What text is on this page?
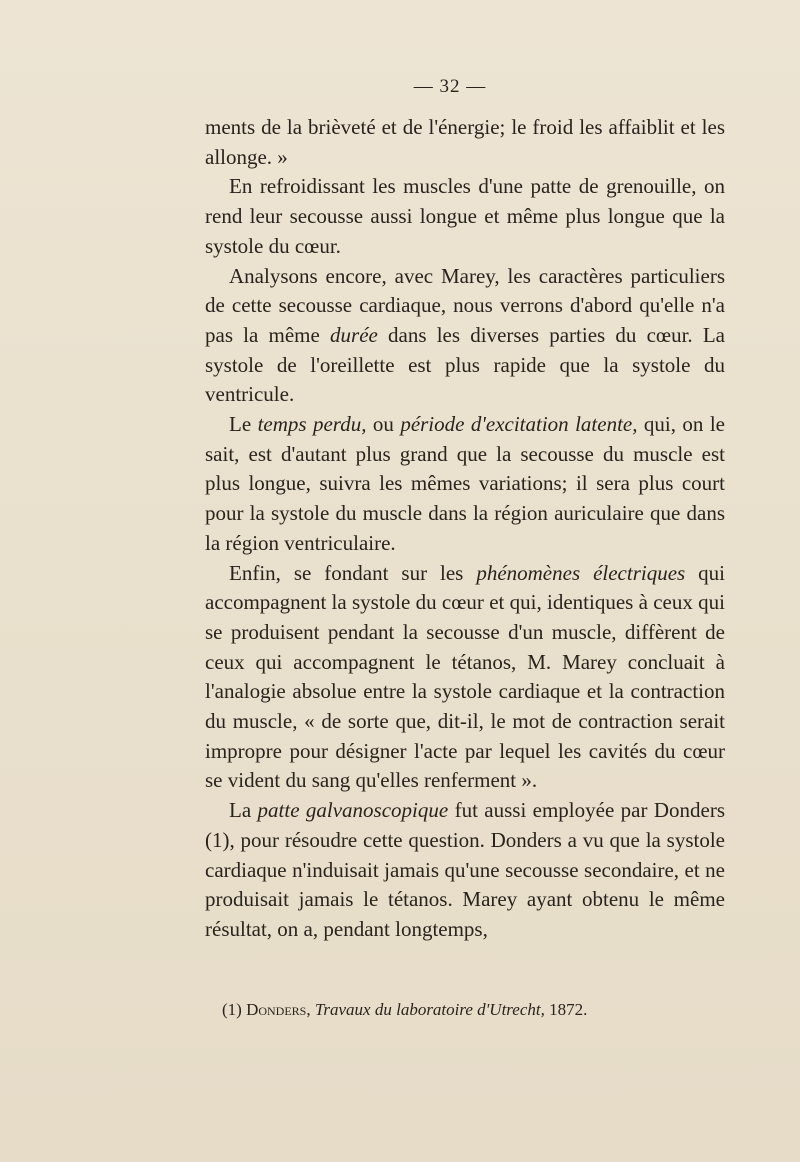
— 32 —

ments de la brièveté et de l'énergie; le froid les affaiblit et les allonge. »

En refroidissant les muscles d'une patte de grenouille, on rend leur secousse aussi longue et même plus longue que la systole du cœur.

Analysons encore, avec Marey, les caractères particuliers de cette secousse cardiaque, nous verrons d'abord qu'elle n'a pas la même durée dans les diverses parties du cœur. La systole de l'oreillette est plus rapide que la systole du ventricule.

Le temps perdu, ou période d'excitation latente, qui, on le sait, est d'autant plus grand que la secousse du muscle est plus longue, suivra les mêmes variations; il sera plus court pour la systole du muscle dans la région auriculaire que dans la région ventriculaire.

Enfin, se fondant sur les phénomènes électriques qui accompagnent la systole du cœur et qui, identiques à ceux qui se produisent pendant la secousse d'un muscle, diffèrent de ceux qui accompagnent le tétanos, M. Marey concluait à l'analogie absolue entre la systole cardiaque et la contraction du muscle, « de sorte que, dit-il, le mot de contraction serait impropre pour désigner l'acte par lequel les cavités du cœur se vident du sang qu'elles renferment ».

La patte galvanoscopique fut aussi employée par Donders (1), pour résoudre cette question. Donders a vu que la systole cardiaque n'induisait jamais qu'une secousse secondaire, et ne produisait jamais le tétanos. Marey ayant obtenu le même résultat, on a, pendant longtemps,

(1) Donders, Travaux du laboratoire d'Utrecht, 1872.
